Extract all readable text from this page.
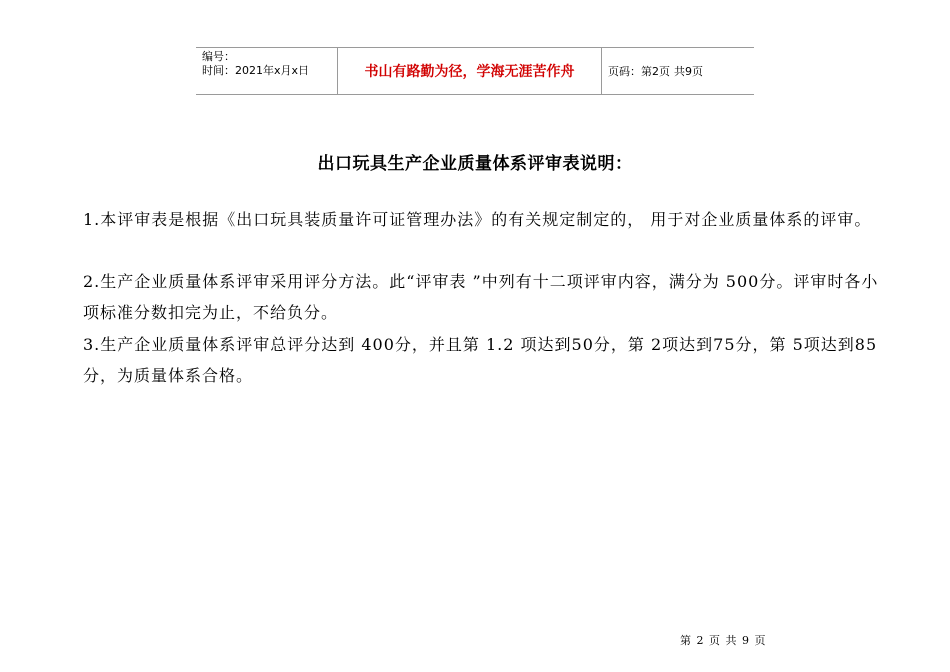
编号：
时间：2021年x月x日	书山有路勤为径，学海无涯苦作舟	页码：第2页 共9页
出口玩具生产企业质量体系评审表说明：
1.本评审表是根据《出口玩具装质量许可证管理办法》的有关规定制定的， 用于对企业质量体系的评审。
2.生产企业质量体系评审采用评分方法。此“评审表 ”中列有十二项评审内容，满分为 500分。评审时各小项标准分数扣完为止，不给负分。
3.生产企业质量体系评审总评分达到 400分，并且第 1.2 项达到50分，第 2项达到75分，第 5项达到85分，为质量体系合格。
第 2 页 共 9 页
